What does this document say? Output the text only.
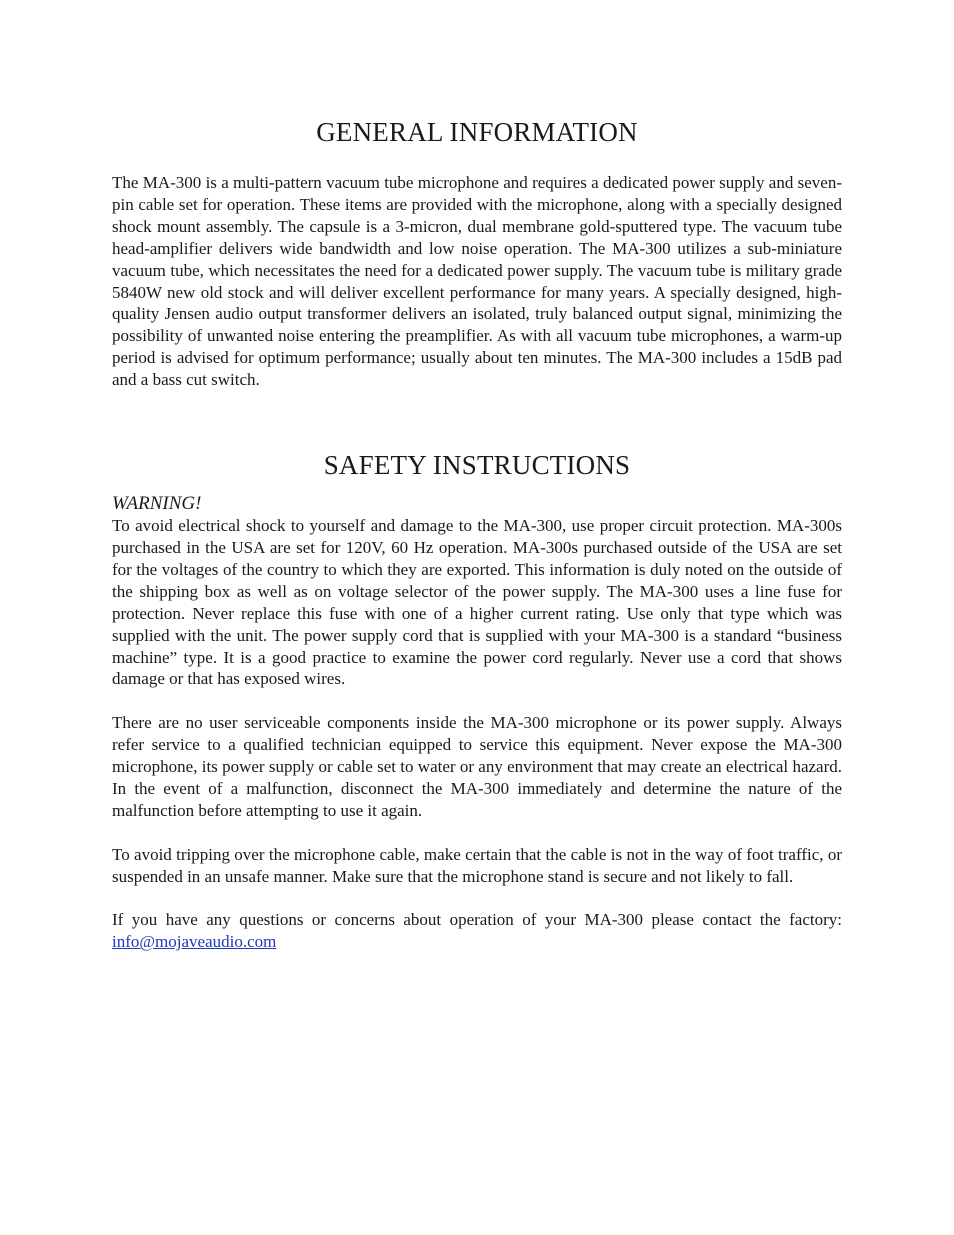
GENERAL INFORMATION

The MA-300 is a multi-pattern vacuum tube microphone and requires a dedicated power supply and seven-pin cable set for operation. These items are provided with the microphone, along with a specially designed shock mount assembly. The capsule is a 3-micron, dual membrane gold-sputtered type. The vacuum tube head-amplifier delivers wide bandwidth and low noise operation. The MA-300 utilizes a sub-miniature vacuum tube, which necessitates the need for a dedicated power supply. The vacuum tube is military grade 5840W new old stock and will deliver excellent performance for many years. A specially designed, high-quality Jensen audio output transformer delivers an isolated, truly balanced output signal, minimizing the possibility of unwanted noise entering the preamplifier. As with all vacuum tube microphones, a warm-up period is advised for optimum performance; usually about ten minutes. The MA-300 includes a 15dB pad and a bass cut switch.

SAFETY INSTRUCTIONS
WARNING!

To avoid electrical shock to yourself and damage to the MA-300, use proper circuit protection. MA-300s purchased in the USA are set for 120V, 60 Hz operation. MA-300s purchased outside of the USA are set for the voltages of the country to which they are exported. This information is duly noted on the outside of the shipping box as well as on voltage selector of the power supply. The MA-300 uses a line fuse for protection. Never replace this fuse with one of a higher current rating. Use only that type which was supplied with the unit. The power supply cord that is supplied with your MA-300 is a standard “business machine” type. It is a good practice to examine the power cord regularly. Never use a cord that shows damage or that has exposed wires.

There are no user serviceable components inside the MA-300 microphone or its power supply. Always refer service to a qualified technician equipped to service this equipment. Never expose the MA-300 microphone, its power supply or cable set to water or any environment that may create an electrical hazard. In the event of a malfunction, disconnect the MA-300 immediately and determine the nature of the malfunction before attempting to use it again.

To avoid tripping over the microphone cable, make certain that the cable is not in the way of foot traffic, or suspended in an unsafe manner. Make sure that the microphone stand is secure and not likely to fall.

If you have any questions or concerns about operation of your MA-300 please contact the factory: info@mojaveaudio.com
